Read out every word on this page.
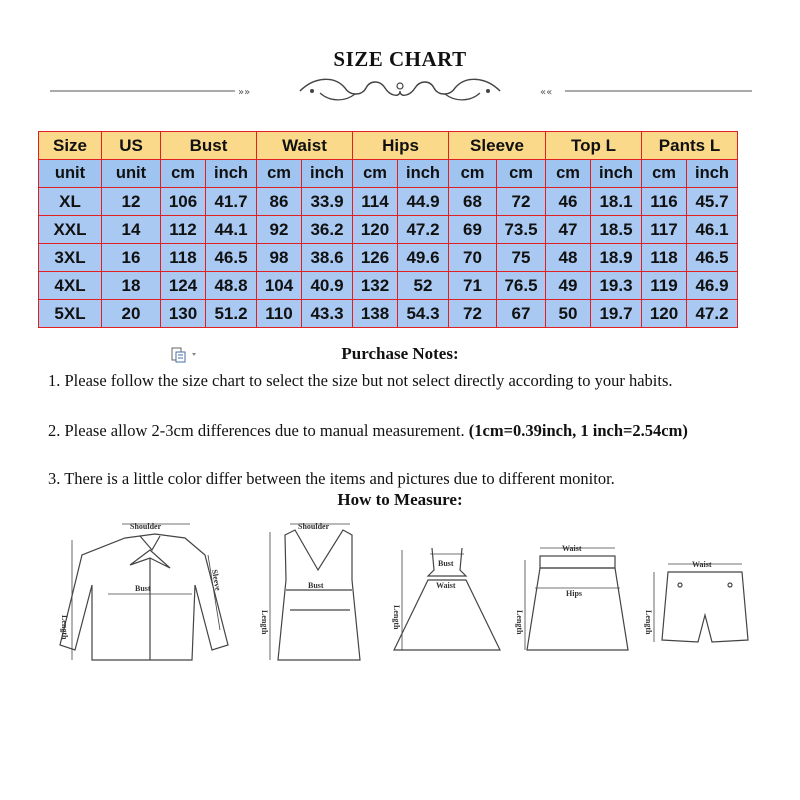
SIZE CHART
»»	««
Size	US	Bust		Waist		Hips		Sleeve		Top L		Pants L	
unit	unit	cm	inch	cm	inch	cm	inch	cm	cm	cm	inch	cm	inch
XL	12	106	41.7	86	33.9	114	44.9	68	72	46	18.1	116	45.7
XXL	14	112	44.1	92	36.2	120	47.2	69	73.5	47	18.5	117	46.1
3XL	16	118	46.5	98	38.6	126	49.6	70	75	48	18.9	118	46.5
4XL	18	124	48.8	104	40.9	132	52	71	76.5	49	19.3	119	46.9
5XL	20	130	51.2	110	43.3	138	54.3	72	67	50	19.7	120	47.2
Purchase Notes:
1. Please follow the size chart to select the size but not select directly according to your habits.
2. Please allow 2-3cm differences due to manual measurement. (1cm=0.39inch, 1 inch=2.54cm)
3. There is a little color differ between the items and pictures due to different monitor.
How to Measure:
Shoulder
Bust	Sleeve
Length
Shoulder
Bust
Length
Bust
Waist
Length
Waist
Hips
Length
Waist
Length
